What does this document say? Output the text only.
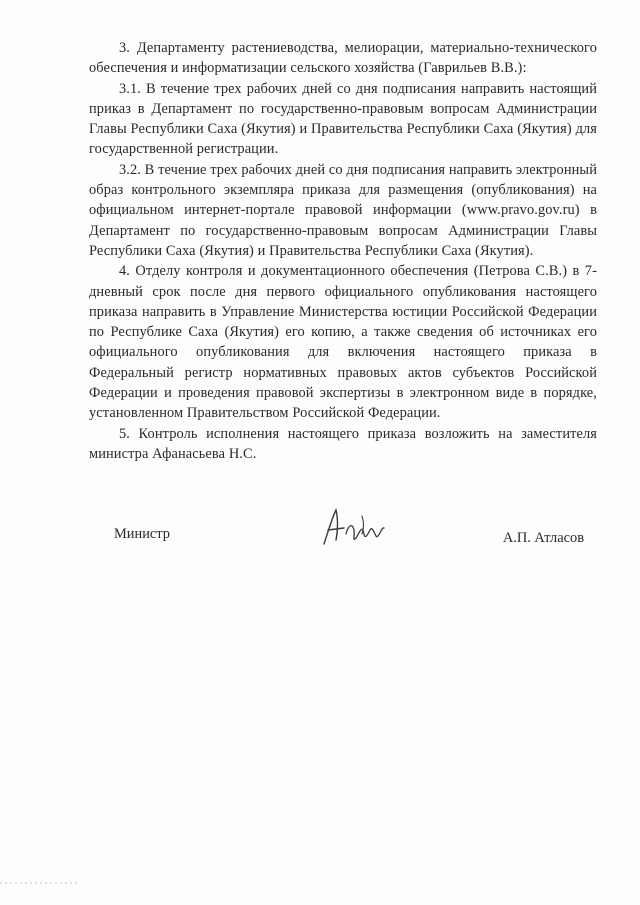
3. Департаменту растениеводства, мелиорации, материально-технического обеспечения и информатизации сельского хозяйства (Гаврильев В.В.):

3.1. В течение трех рабочих дней со дня подписания направить настоящий приказ в Департамент по государственно-правовым вопросам Администрации Главы Республики Саха (Якутия) и Правительства Республики Саха (Якутия) для государственной регистрации.

3.2. В течение трех рабочих дней со дня подписания направить электронный образ контрольного экземпляра приказа для размещения (опубликования) на официальном интернет-портале правовой информации (www.pravo.gov.ru) в Департамент по государственно-правовым вопросам Администрации Главы Республики Саха (Якутия) и Правительства Республики Саха (Якутия).

4. Отделу контроля и документационного обеспечения (Петрова С.В.) в 7-дневный срок после дня первого официального опубликования настоящего приказа направить в Управление Министерства юстиции Российской Федерации по Республике Саха (Якутия) его копию, а также сведения об источниках его официального опубликования для включения настоящего приказа в Федеральный регистр нормативных правовых актов субъектов Российской Федерации и проведения правовой экспертизы в электронном виде в порядке, установленном Правительством Российской Федерации.

5. Контроль исполнения настоящего приказа возложить на заместителя министра Афанасьева Н.С.

Министр	А.П. Атласов
